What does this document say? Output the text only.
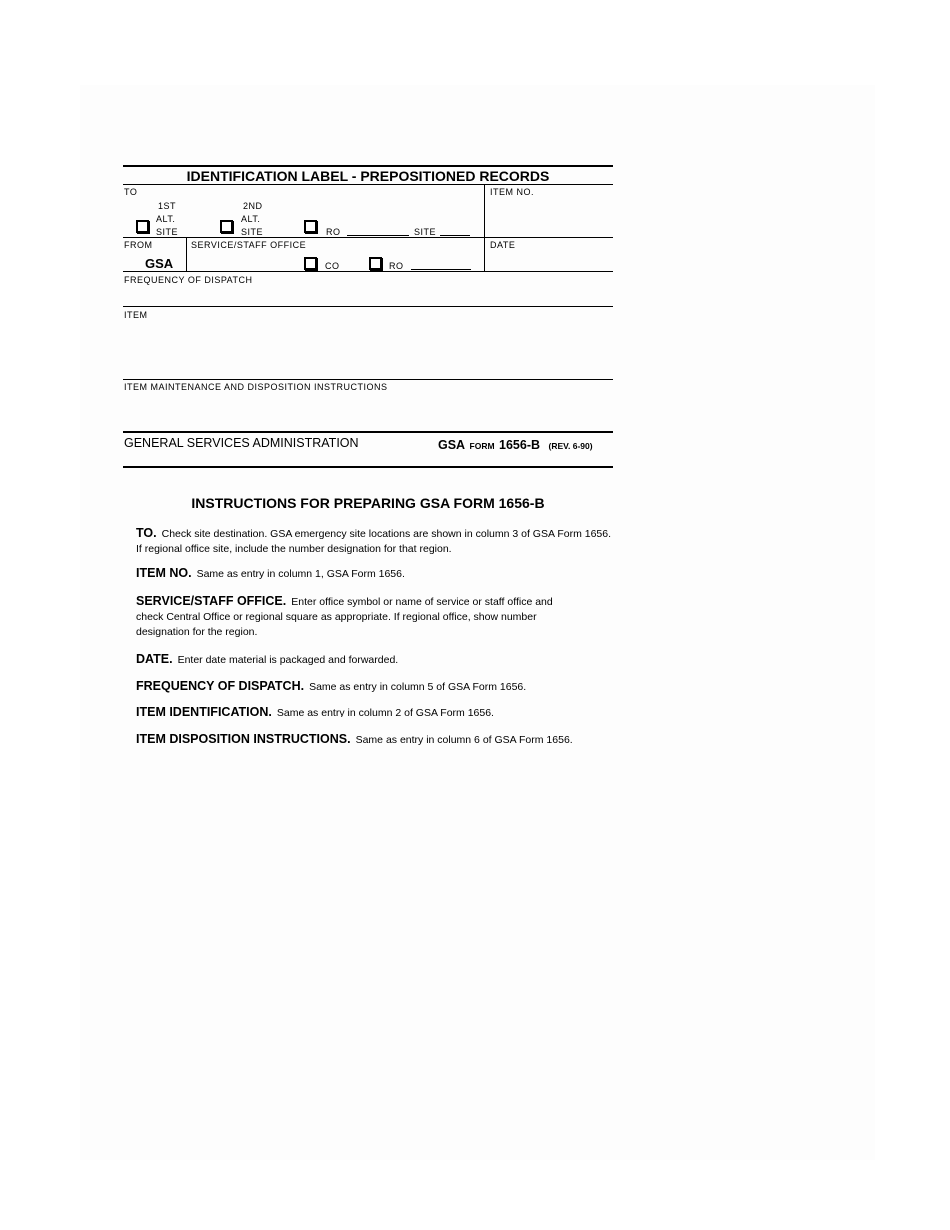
IDENTIFICATION LABEL - PREPOSITIONED RECORDS
TO	ITEM NO.
1ST
ALT.
SITE
2ND
ALT.
SITE	RO	SITE
FROM
GSA
SERVICE/STAFF OFFICE
CO	RO
DATE
FREQUENCY OF DISPATCH
ITEM
ITEM MAINTENANCE AND DISPOSITION INSTRUCTIONS
GENERAL SERVICES ADMINISTRATION	GSA FORM 1656-B (REV. 6-90)
INSTRUCTIONS FOR PREPARING GSA FORM 1656-B
TO. Check site destination. GSA emergency site locations are shown in column 3 of GSA Form 1656. If regional office site, include the number designation for that region.
ITEM NO. Same as entry in column 1, GSA Form 1656.
SERVICE/STAFF OFFICE. Enter office symbol or name of service or staff office and check Central Office or regional square as appropriate. If regional office, show number designation for the region.
DATE. Enter date material is packaged and forwarded.
FREQUENCY OF DISPATCH. Same as entry in column 5 of GSA Form 1656.
ITEM IDENTIFICATION. Same as entry in column 2 of GSA Form 1656.
ITEM DISPOSITION INSTRUCTIONS. Same as entry in column 6 of GSA Form 1656.
